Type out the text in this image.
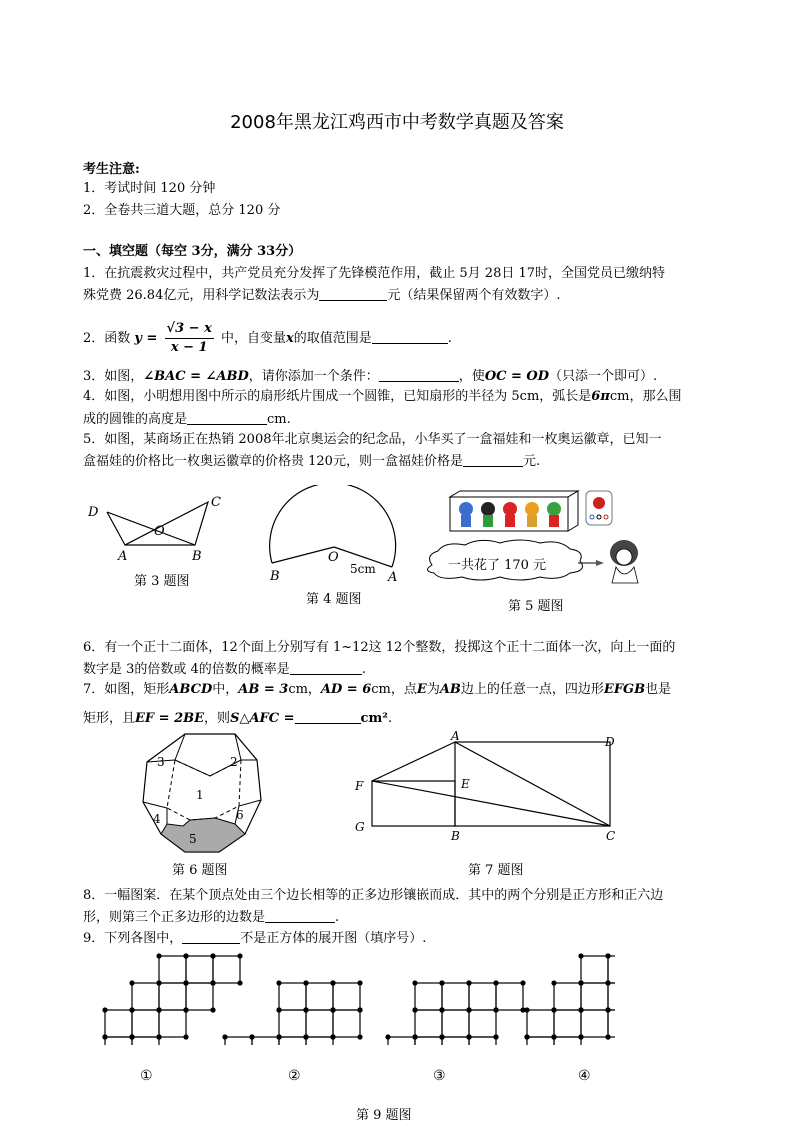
2008年黑龙江鸡西市中考数学真题及答案
考生注意:
1．考试时间 120 分钟
2．全卷共三道大题，总分 120 分
一、填空题（每空 3分，满分 33分）
1．在抗震救灾过程中，共产党员充分发挥了先锋模范作用，截止 5月 28日 17时，全国党员已缴纳特
殊党费 26.84亿元，用科学记数法表示为	元（结果保留两个有效数字）.
2．函数 $y = \frac{√3 - x}{x - 1}$ 中，自变量x的取值范围是	.
3．如图，∠BAC = ∠ABD，请你添加一个条件：	，使OC = OD（只添一个即可）.
4．如图，小明想用图中所示的扇形纸片围成一个圆锥，已知扇形的半径为 5cm，弧长是6πcm，那么围
成的圆锥的高度是	cm.
5．如图，某商场正在热销 2008年北京奥运会的纪念品，小华买了一盒福娃和一枚奥运徽章，已知一
盒福娃的价格比一枚奥运徽章的价格贵 120元，则一盒福娃价格是	元.
D
C
O
A	B
第 3 题图
O
B	A
5cm
第 4 题图
一共花了 170 元
第 5 题图
6．有一个正十二面体，12个面上分别写有 1~12这 12个整数，投掷这个正十二面体一次，向上一面的
数字是 3的倍数或 4的倍数的概率是	.
7．如图，矩形ABCD中，AB = 3cm，AD = 6cm，点E为AB边上的任意一点，四边形EFGB也是
矩形，且EF = 2BE，则S△AFC =	cm².
3	2
1
4	6
5
第 6 题图
A	D
F	E
G
B	C
第 7 题图
8．一幅图案．在某个顶点处由三个边长相等的正多边形镶嵌而成．其中的两个分别是正方形和正六边
形，则第三个正多边形的边数是	.
9．下列各图中，	不是正方体的展开图（填序号）.
①	②	③	④
第 9 题图
